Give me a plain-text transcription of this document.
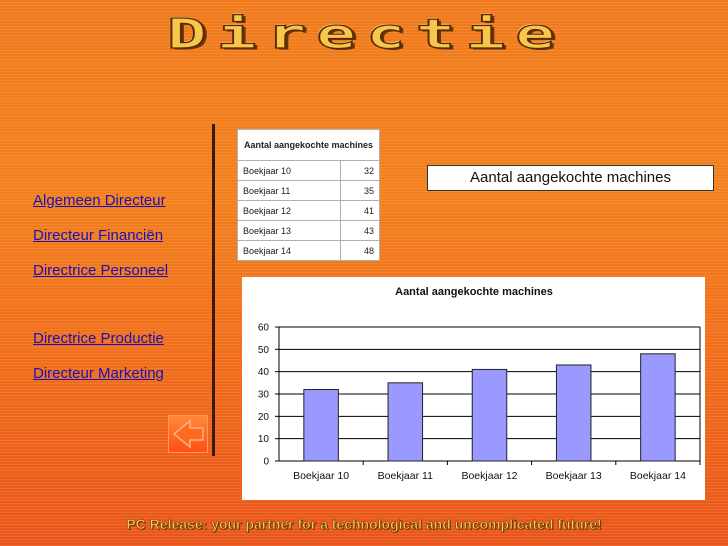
Directie
Algemeen Directeur
Directeur Financiën
Directrice Personeel
Directrice Productie
Directeur Marketing
Aantal aangekochte machines	
Boekjaar 10	32
Boekjaar 11	35
Boekjaar 12	41
Boekjaar 13	43
Boekjaar 14	48
Aantal aangekochte machines
Aantal aangekochte machines
0
10
20
30
40
50
60
Boekjaar 10	Boekjaar 11	Boekjaar 12	Boekjaar 13	Boekjaar 14
PC Release: your partner for a technological and uncomplicated future!
